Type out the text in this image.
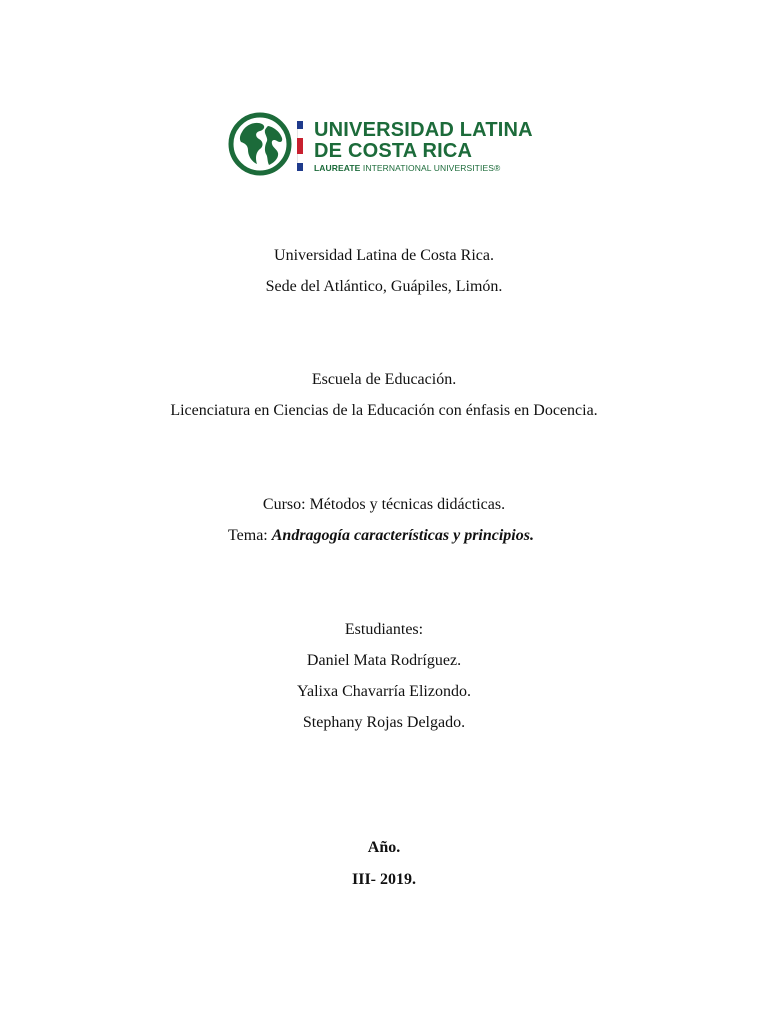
UNIVERSIDAD LATINA
DE COSTA RICA
LAUREATE INTERNATIONAL UNIVERSITIES®
Universidad Latina de Costa Rica.
Sede del Atlántico, Guápiles, Limón.
Escuela de Educación.
Licenciatura en Ciencias de la Educación con énfasis en Docencia.
Curso: Métodos y técnicas didácticas.
Tema: Andragogía características y principios.
Estudiantes:
Daniel Mata Rodríguez.
Yalixa Chavarría Elizondo.
Stephany Rojas Delgado.
Año.
III- 2019.
